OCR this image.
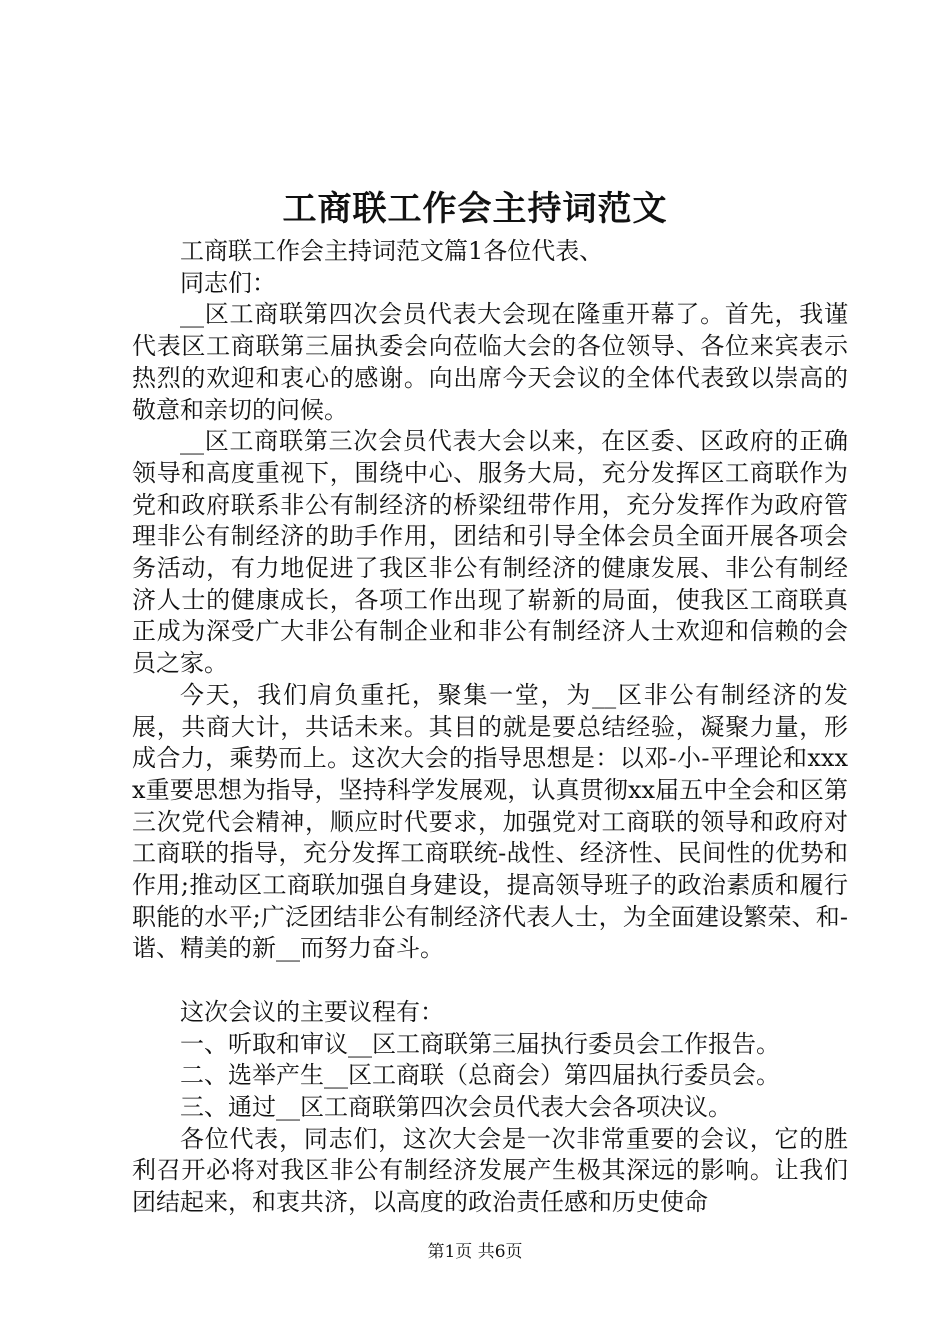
工商联工作会主持词范文

工商联工作会主持词范文篇1各位代表、

同志们：

__区工商联第四次会员代表大会现在隆重开幕了。首先，我谨代表区工商联第三届执委会向莅临大会的各位领导、各位来宾表示热烈的欢迎和衷心的感谢。向出席今天会议的全体代表致以崇高的敬意和亲切的问候。

__区工商联第三次会员代表大会以来，在区委、区政府的正确领导和高度重视下，围绕中心、服务大局，充分发挥区工商联作为党和政府联系非公有制经济的桥梁纽带作用，充分发挥作为政府管理非公有制经济的助手作用，团结和引导全体会员全面开展各项会务活动，有力地促进了我区非公有制经济的健康发展、非公有制经济人士的健康成长，各项工作出现了崭新的局面，使我区工商联真正成为深受广大非公有制企业和非公有制经济人士欢迎和信赖的会员之家。

今天，我们肩负重托，聚集一堂，为__区非公有制经济的发展，共商大计，共话未来。其目的就是要总结经验，凝聚力量，形成合力，乘势而上。这次大会的指导思想是：以邓-小-平理论和xxxx重要思想为指导，坚持科学发展观，认真贯彻xx届五中全会和区第三次党代会精神，顺应时代要求，加强党对工商联的领导和政府对工商联的指导，充分发挥工商联统-战性、经济性、民间性的优势和作用;推动区工商联加强自身建设，提高领导班子的政治素质和履行职能的水平;广泛团结非公有制经济代表人士，为全面建设繁荣、和-谐、精美的新__而努力奋斗。

这次会议的主要议程有：

一、听取和审议__区工商联第三届执行委员会工作报告。

二、选举产生__区工商联（总商会）第四届执行委员会。

三、通过__区工商联第四次会员代表大会各项决议。

各位代表，同志们，这次大会是一次非常重要的会议，它的胜利召开必将对我区非公有制经济发展产生极其深远的影响。让我们团结起来，和衷共济，以高度的政治责任感和历史使命

第1页 共6页
